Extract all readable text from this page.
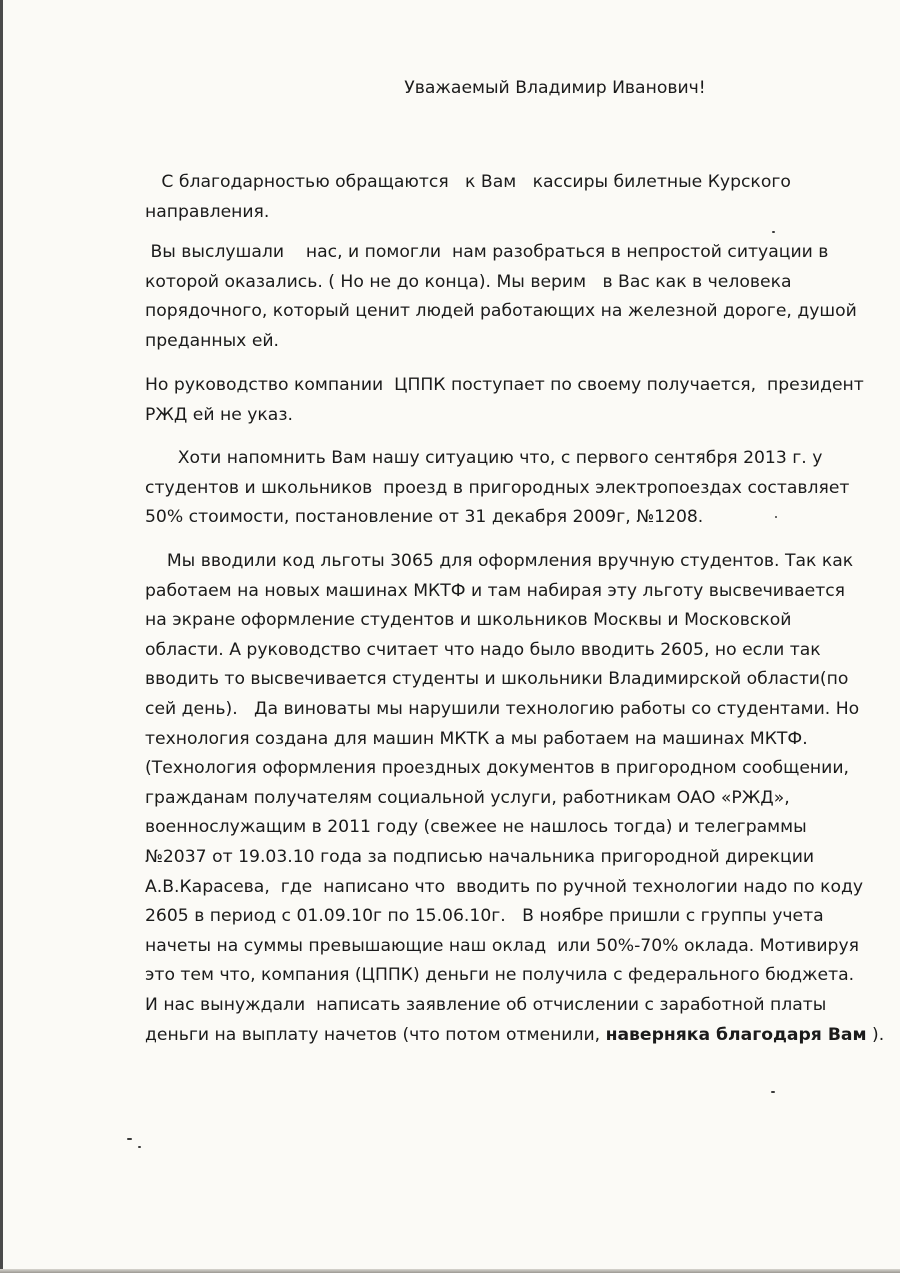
Уважаемый Владимир Иванович!
С благодарностью обращаются   к Вам   кассиры билетные Курского
направления.
Вы выслушали    нас, и помогли  нам разобраться в непростой ситуации в
которой оказались. ( Но не до конца). Мы верим   в Вас как в человека
порядочного, который ценит людей работающих на железной дороге, душой
преданных ей.
Но руководство компании  ЦППК поступает по своему получается,  президент
РЖД ей не указ.
Хоти напомнить Вам нашу ситуацию что, с первого сентября 2013 г. у
студентов и школьников  проезд в пригородных электропоездах составляет
50% стоимости, постановление от 31 декабря 2009г, №1208.
Мы вводили код льготы 3065 для оформления вручную студентов. Так как
работаем на новых машинах МКТФ и там набирая эту льготу высвечивается
на экране оформление студентов и школьников Москвы и Московской
области. А руководство считает что надо было вводить 2605, но если так
вводить то высвечивается студенты и школьники Владимирской области(по
сей день).   Да виноваты мы нарушили технологию работы со студентами. Но
технология создана для машин МКТК а мы работаем на машинах МКТФ.
(Технология оформления проездных документов в пригородном сообщении,
гражданам получателям социальной услуги, работникам ОАО «РЖД»,
военнослужащим в 2011 году (свежее не нашлось тогда) и телеграммы
№2037 от 19.03.10 года за подписью начальника пригородной дирекции
А.В.Карасева,  где  написано что  вводить по ручной технологии надо по коду
2605 в период с 01.09.10г по 15.06.10г.   В ноябре пришли с группы учета
начеты на суммы превышающие наш оклад  или 50%-70% оклада. Мотивируя
это тем что, компания (ЦППК) деньги не получила с федерального бюджета.
И нас вынуждали  написать заявление об отчислении с заработной платы
деньги на выплату начетов (что потом отменили, наверняка благодаря Вам ).
